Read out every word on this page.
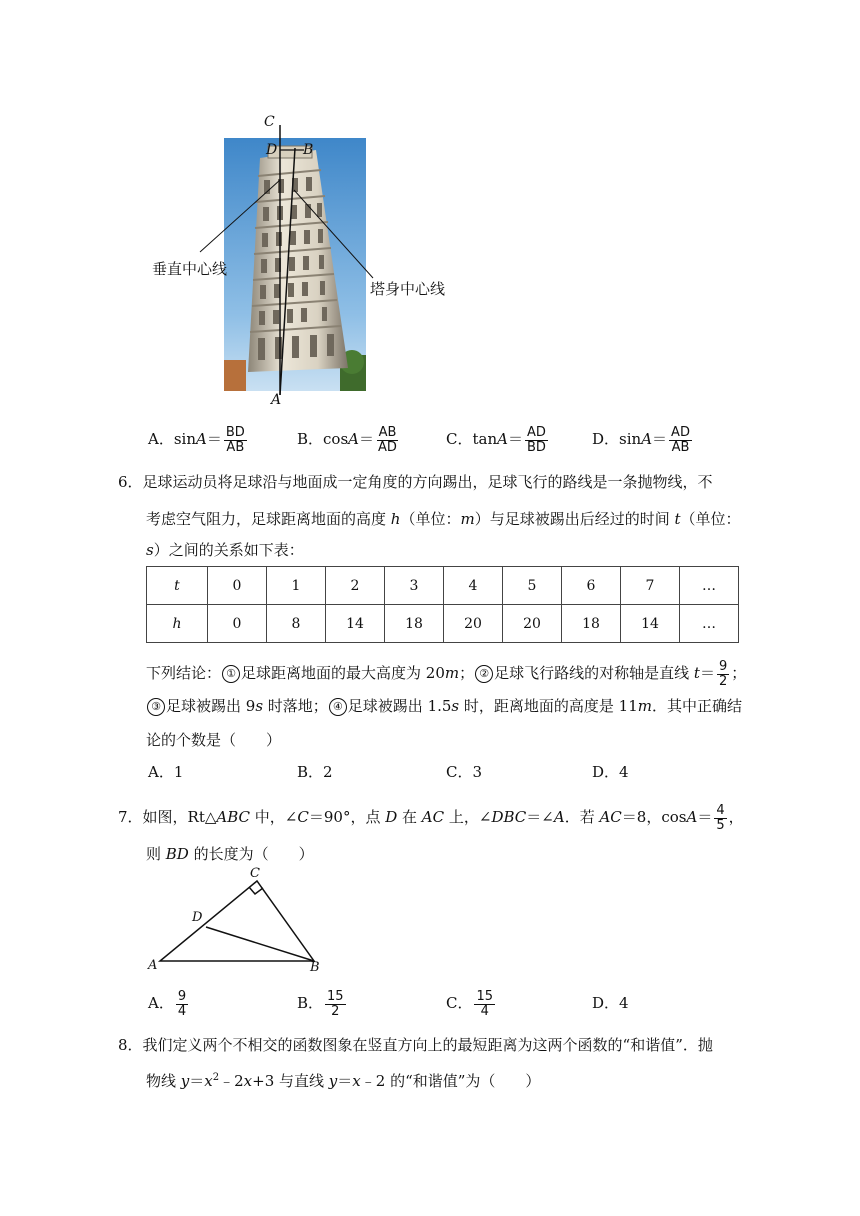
C
D B
A
垂直中心线
塔身中心线
A．$\sin A= \frac{BD}{AB}$	B．$\cos A= \frac{AB}{AD}$	C．$\tan A= \frac{AD}{BD}$	D．$\sin A= \frac{AD}{AB}$
6．足球运动员将足球沿与地面成一定角度的方向踢出，足球飞行的路线是一条抛物线，不
考虑空气阻力，足球距离地面的高度 h（单位：m）与足球被踢出后经过的时间 t（单位：
s）之间的关系如下表：
t	0	1	2	3	4	5	6	7	…
h	0	8	14	18	20	20	18	14	…
下列结论： ① 足球距离地面的最大高度为 20m； ② 足球飞行路线的对称轴是直线 $t= \frac{9}{2}$ ；
③ 足球被踢出 9s 时落地； ④ 足球被踢出 1.5s 时，距离地面的高度是 11m．其中正确结
论的个数是（　　）
A．1	B．2	C．3	D．4
7．如图，Rt△ABC 中，∠C＝90°，点 D 在 AC 上，∠DBC＝∠A．若 AC＝8，$\cos A= \frac{4}{5}$ ，
则 BD 的长度为（　　）
A	B
C
D
A． $\frac{9}{4}$	B． $\frac{15}{2}$	C． $\frac{15}{4}$	D．4
8．我们定义两个不相交的函数图象在竖直方向上的最短距离为这两个函数的“和谐值”．抛
物线 $y=x^2﹣2x+3$ 与直线 y＝x﹣2 的“和谐值”为（　　）
